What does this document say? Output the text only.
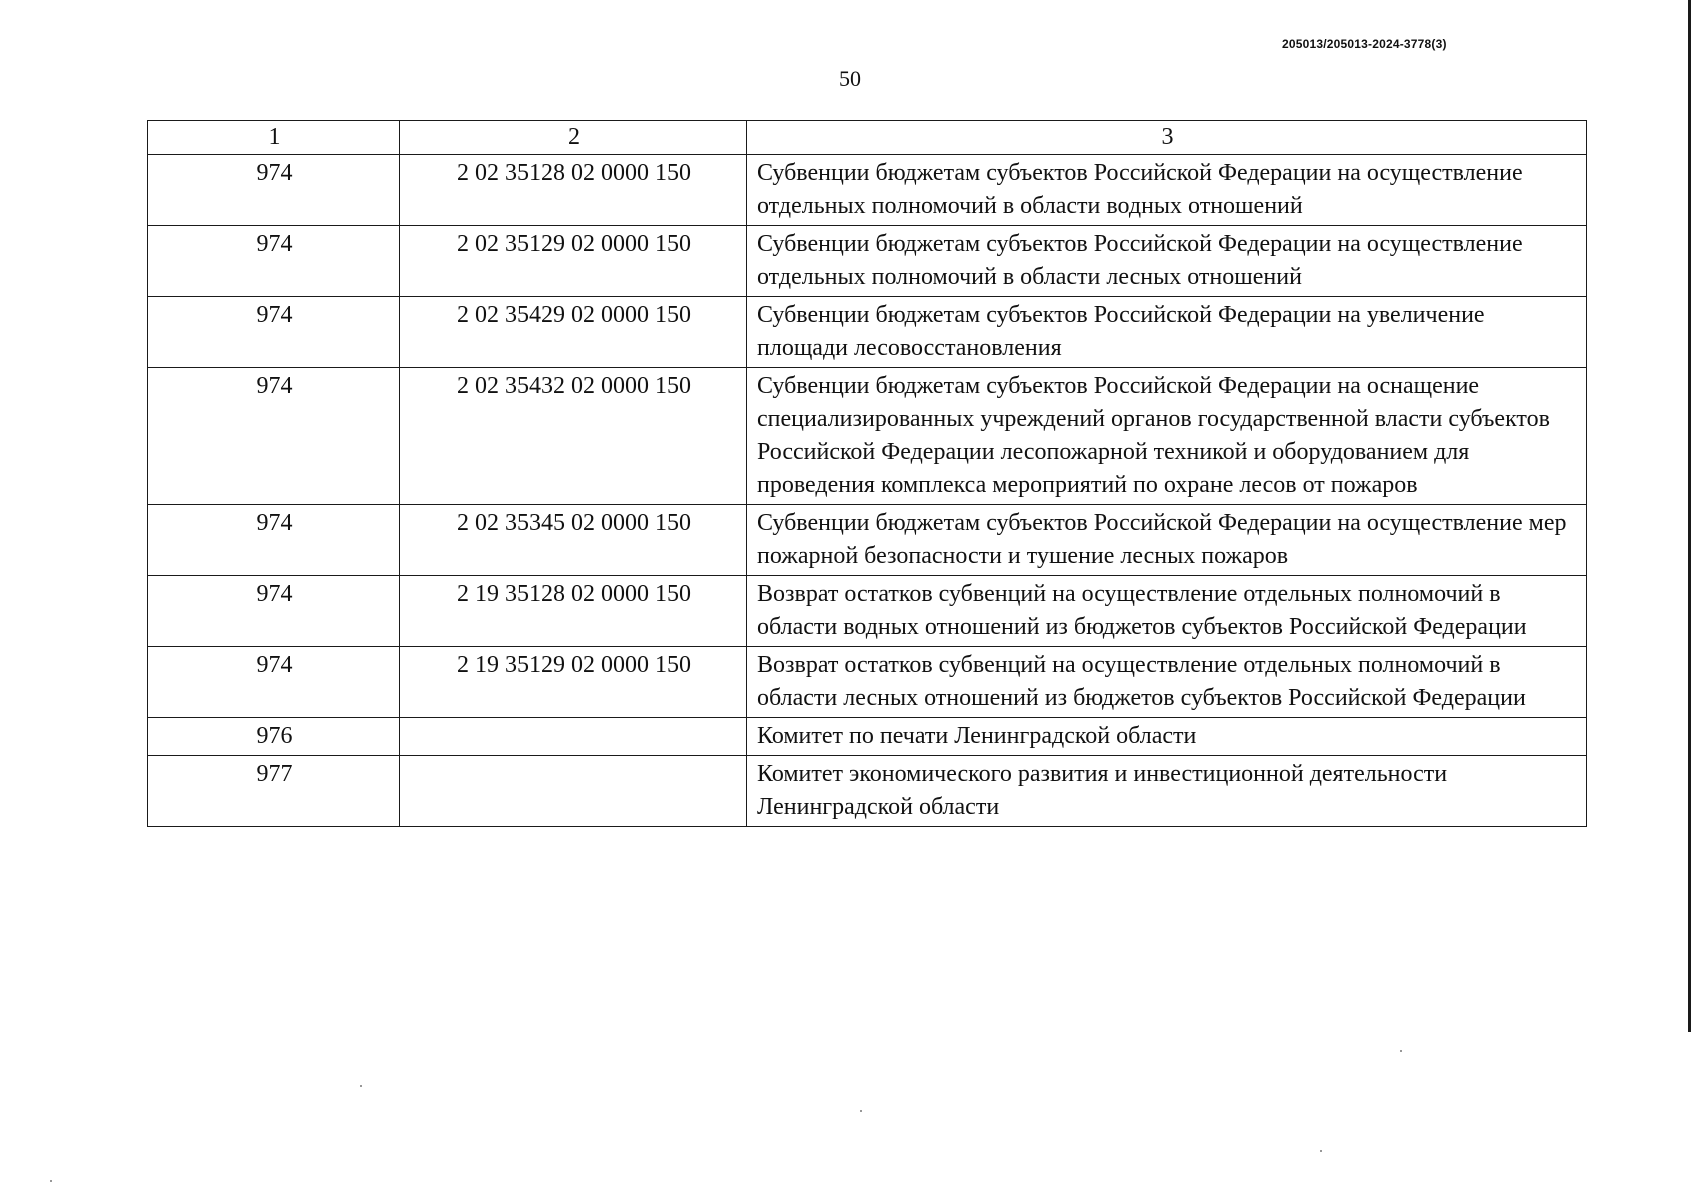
205013/205013-2024-3778(3)
50
1	2	3
974	2 02 35128 02 0000 150	Субвенции бюджетам субъектов Российской Федерации на осуществление отдельных полномочий в области водных отношений
974	2 02 35129 02 0000 150	Субвенции бюджетам субъектов Российской Федерации на осуществление отдельных полномочий в области лесных отношений
974	2 02 35429 02 0000 150	Субвенции бюджетам субъектов Российской Федерации на увеличение площади лесовосстановления
974	2 02 35432 02 0000 150	Субвенции бюджетам субъектов Российской Федерации на оснащение специализированных учреждений органов государственной власти субъектов Российской Федерации лесопожарной техникой и оборудованием для проведения комплекса мероприятий по охране лесов от пожаров
974	2 02 35345 02 0000 150	Субвенции бюджетам субъектов Российской Федерации на осуществление мер пожарной безопасности и тушение лесных пожаров
974	2 19 35128 02 0000 150	Возврат остатков субвенций на осуществление отдельных полномочий в области водных отношений из бюджетов субъектов Российской Федерации
974	2 19 35129 02 0000 150	Возврат остатков субвенций на осуществление отдельных полномочий в области лесных отношений из бюджетов субъектов Российской Федерации
976		Комитет по печати Ленинградской области
977		Комитет экономического развития и инвестиционной деятельности Ленинградской области
